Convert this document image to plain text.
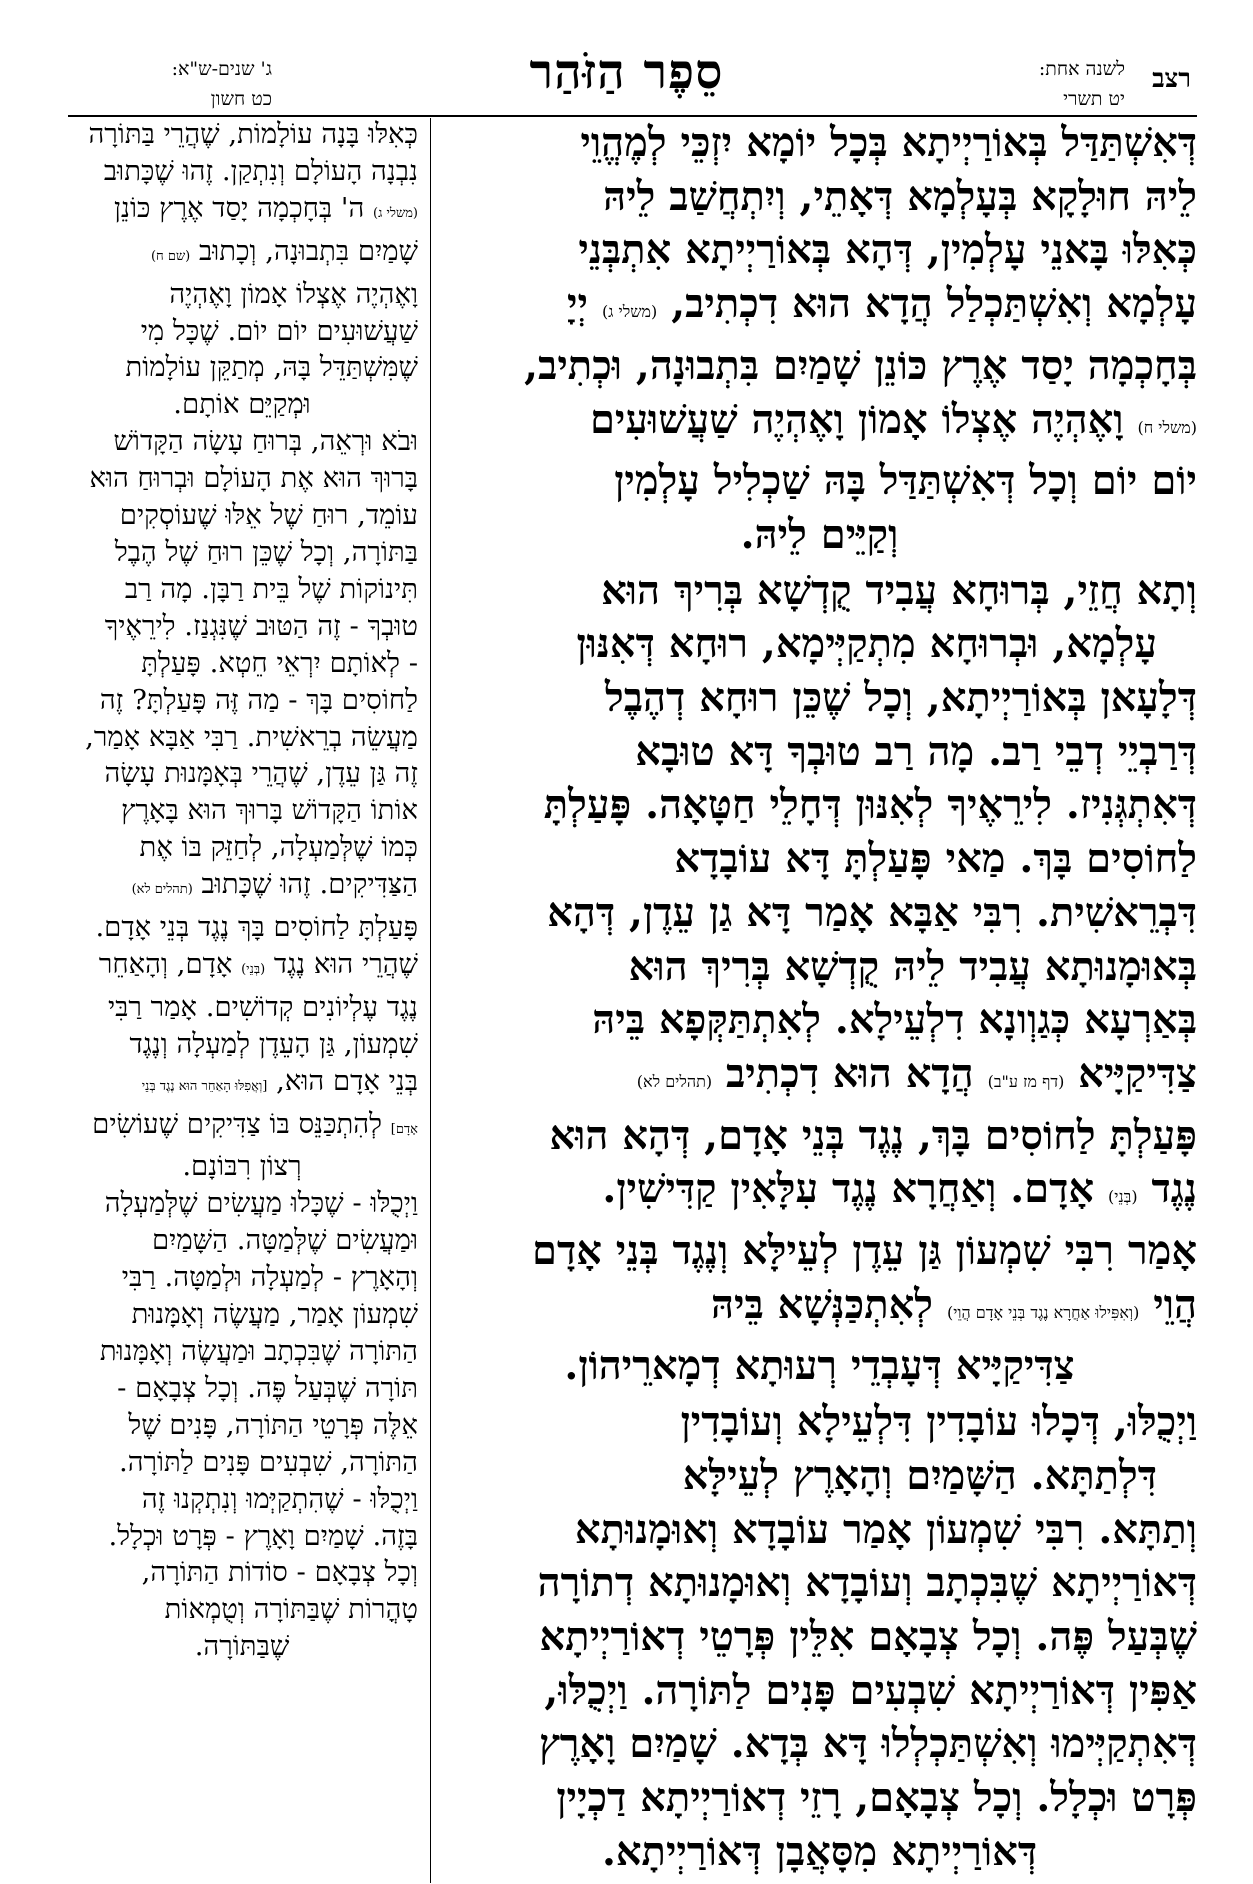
רצב
לשנה אחת:
יט תשרי
סֵפֶר הַזֹּהַר
ג' שנים-ש"א:
כט חשון

דְּאִשְׁתַּדַּל בְּאוֹרַיְיתָא בְּכָל יוֹמָא יִזְכֵּי לְמֶהֱוֵי

לֵיהּ חוּלָקָא בְּעָלְמָא דְּאָתֵי, וְיִתְחֲשַׁב לֵיהּ

כְּאִלּוּ בָּאנֵי עָלְמִין, דְּהָא בְּאוֹרַיְיתָא אִתְבְּנֵי

עָלְמָא וְאִשְׁתַּכְלַל הֲדָא הוּא דִכְתִיב, (משלי ג) יְיָ

בְּחָכְמָה יָסַד אֶרֶץ כּוֹנֵן שָׁמַיִם בִּתְבוּנָה, וּכְתִיב,

(משלי ח) וָאֶהְיֶה אֶצְלוֹ אָמוֹן וָאֶהְיֶה שַׁעֲשׁוּעִים

יוֹם יוֹם וְכָל דְּאִשְׁתַּדַּל בָּהּ שַׁכְלִיל עָלְמִין

וְקַיֵּים לֵיהּ.

וְתָא חֲזֵי, בְּרוּחָא עֲבִיד קֻדְשָׁא בְּרִיךְ הוּא

עָלְמָא, וּבְרוּחָא מִתְקַיְּימָא, רוּחָא דְּאִנּוּן

דְּלָעָאן בְּאוֹרַיְיתָא, וְכָל שֶׁכֵּן רוּחָא דְהֶבֶל

דְּרַבְיֵי דְבֵי רַב. מָה רַב טוּבְךָ דָּא טוּבָא

דְּאִתְגְּנִיז. לִירֵאֶיךָ לְאִנּוּן דְּחָלֵי חַטָּאָה. פָּעַלְתָּ

לַחוֹסִים בָּךְ. מַאי פָּעַלְתָּ דָּא עוֹבָדָא

דִּבְרֵאשִׁית. רִבִּי אַבָּא אָמַר דָּא גַן עֵדֶן, דְּהָא

בְּאוּמָנוּתָא עֲבִיד לֵיהּ קֻדְשָׁא בְּרִיךְ הוּא

בְּאַרְעָא כְּגַוְונָא דִלְעֵילָא. לְאִתְתַּקְּפָא בֵּיהּ

צַדִּיקַיָּיא (דף מז ע"ב) הֲדָא הוּא דִכְתִיב (תהלים לא)

פָּעַלְתָּ לַחוֹסִים בָּךְ, נֶגֶד בְּנֵי אָדָם, דְּהָא הוּא

נֶגֶד (בְּנֵי) אָדָם. וְאַחֲרָא נֶגֶד עִלָּאִין קַדִּישִׁין.

אָמַר רִבִּי שִׁמְעוֹן גַּן עֵדֶן לְעֵילָּא וְנֶגֶד בְּנֵי אָדָם

הֲוֵי (וְאִפִּילוּ אַחֲרָא נֶגֶד בְּנֵי אָדָם הֲוֵי) לְאִתְכַּנְּשָׁא בֵּיהּ

צַדִּיקַיָּיא דְּעָבְדֵי רְעוּתָא דְמָארֵיהוֹן.

וַיְכֻלּוּ, דְּכָלוּ עוֹבָדִין דִּלְעֵילָא וְעוֹבָדִין

דִּלְתַתָּא. הַשָּׁמַיִם וְהָאָרֶץ לְעֵילָּא

וְתַתָּא. רִבִּי שִׁמְעוֹן אָמַר עוֹבָדָא וְאוּמָנוּתָא

דְּאוֹרַיְיתָא שֶׁבִּכְתָב וְעוֹבָדָא וְאוּמָנוּתָא דְתוֹרָה

שֶׁבְּעַל פֶּה. וְכָל צְבָאָם אִלֵּין פְּרָטֵי דְאוֹרַיְיתָא

אַפִּין דְּאוֹרַיְיתָא שִׁבְעִים פָּנִים לַתּוֹרָה. וַיְכֻלּוּ,

דְּאִתְקַיְּימוּ וְאִשְׁתַּכְלְלוּ דָּא בְּדָא. שָׁמַיִם וָאָרֶץ

פְּרָט וּכְלָל. וְכָל צְבָאָם, רָזֵי דְאוֹרַיְיתָא דַכְיָין

דְּאוֹרַיְיתָא מִסָּאֲבָן דְּאוֹרַיְיתָא.

כְּאִלּוּ בָּנָה עוֹלָמוֹת, שֶׁהֲרֵי בַּתּוֹרָה

נִבְנָה הָעוֹלָם וְנִתְקַן. זֶהוּ שֶׁכָּתוּב

(משלי ג) ה' בְּחָכְמָה יָסַד אֶרֶץ כּוֹנֵן

שָׁמַיִם בִּתְבוּנָה, וְכָתוּב (שם ח)

וָאֶהְיֶה אֶצְלוֹ אָמוֹן וָאֶהְיֶה

שַׁעֲשׁוּעִים יוֹם יוֹם. שֶׁכָּל מִי

שֶׁמִּשְׁתַּדֵּל בָּהּ, מְתַקֵּן עוֹלָמוֹת

וּמְקַיֵּם אוֹתָם.

וּבֹא וּרְאֵה, בְּרוּחַ עָשָׂה הַקָּדוֹשׁ

בָּרוּךְ הוּא אֶת הָעוֹלָם וּבְרוּחַ הוּא

עוֹמֵד, רוּחַ שֶׁל אֵלּוּ שֶׁעוֹסְקִים

בַּתּוֹרָה, וְכָל שֶׁכֵּן רוּחַ שֶׁל הֶבֶל

תִּינוֹקוֹת שֶׁל בֵּית רַבָּן. מָה רַב

טוּבְךָ - זֶה הַטּוּב שֶׁנִּגְנַז. לִירֵאֶיךָ

- לְאוֹתָם יִרְאֵי חֵטְא. פָּעַלְתָּ

לַחוֹסִים בָּךְ - מַה זֶּה פָּעַלְתָּ? זֶה

מַעֲשֵׂה בְרֵאשִׁית. רַבִּי אַבָּא אָמַר,

זֶה גַּן עֵדֶן, שֶׁהֲרֵי בְּאָמָּנוּת עָשָׂה

אוֹתוֹ הַקָּדוֹשׁ בָּרוּךְ הוּא בָּאָרֶץ

כְּמוֹ שֶׁלְּמַעְלָה, לְחַזֵּק בּוֹ אֶת

הַצַּדִּיקִים. זֶהוּ שֶׁכָּתוּב (תהלים לא)

פָּעַלְתָּ לַחוֹסִים בָּךְ נֶגֶד בְּנֵי אָדָם.

שֶׁהֲרֵי הוּא נֶגֶד (בְּנֵי) אָדָם, וְהָאַחֵר

נֶגֶד עֶלְיוֹנִים קְדוֹשִׁים. אָמַר רַבִּי

שִׁמְעוֹן, גַּן הָעֵדֶן לְמַעְלָה וְנֶגֶד

בְּנֵי אָדָם הוּא, [וְאֲפִלּוּ הָאַחֵר הוּא נֶגֶד בְּנֵי

אָדָם] לְהִתְכַּנֵּס בּוֹ צַדִּיקִים שֶׁעוֹשִׂים

רְצוֹן רִבּוֹנָם.

וַיְכֻלּוּ - שֶׁכָּלוּ מַעֲשִׂים שֶׁלְּמַעְלָה

וּמַעֲשִׂים שֶׁלְּמַטָּה. הַשָּׁמַיִם

וְהָאָרֶץ - לְמַעְלָה וּלְמַטָּה. רַבִּי

שִׁמְעוֹן אָמַר, מַעֲשֶׂה וְאָמָּנוּת

הַתּוֹרָה שֶׁבִּכְתָב וּמַעֲשֶׂה וְאָמָּנוּת

תּוֹרָה שֶׁבְּעַל פֶּה. וְכָל צְבָאָם -

אֵלֶּה פְּרָטֵי הַתּוֹרָה, פָּנִים שֶׁל

הַתּוֹרָה, שִׁבְעִים פָּנִים לַתּוֹרָה.

וַיְכֻלּוּ - שֶׁהִתְקַיְּמוּ וְנִתְקְנוּ זֶה

בָּזֶה. שָׁמַיִם וָאָרֶץ - פְּרָט וּכְלָל.

וְכָל צְבָאָם - סוֹדוֹת הַתּוֹרָה,

טָהֳרוֹת שֶׁבַּתּוֹרָה וְטֻמְאוֹת

שֶׁבַּתּוֹרָה.
